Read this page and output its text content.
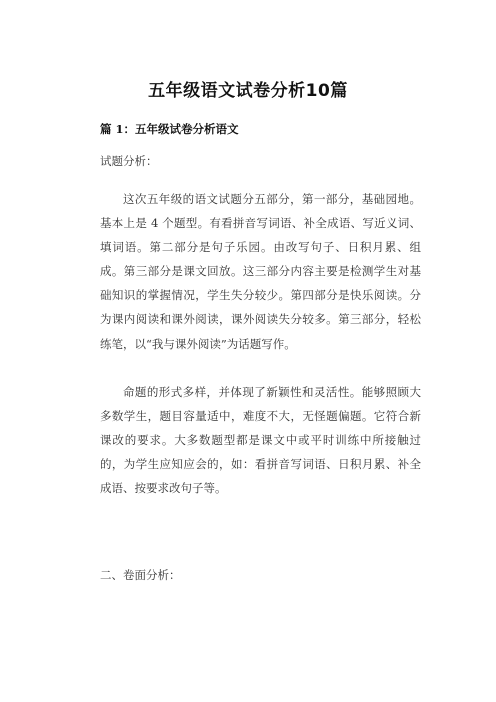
五年级语文试卷分析10篇
篇 1：五年级试卷分析语文
试题分析：
这次五年级的语文试题分五部分，第一部分，基础园地。基本上是 4 个题型。有看拼音写词语、补全成语、写近义词、填词语。第二部分是句子乐园。由改写句子、日积月累、组成。第三部分是课文回放。这三部分内容主要是检测学生对基础知识的掌握情况，学生失分较少。第四部分是快乐阅读。分为课内阅读和课外阅读，课外阅读失分较多。第三部分，轻松练笔，以“我与课外阅读”为话题写作。
命题的形式多样，并体现了新颖性和灵活性。能够照顾大多数学生，题目容量适中，难度不大，无怪题偏题。它符合新课改的要求。大多数题型都是课文中或平时训练中所接触过的，为学生应知应会的，如：看拼音写词语、日积月累、补全成语、按要求改句子等。
二、卷面分析：
